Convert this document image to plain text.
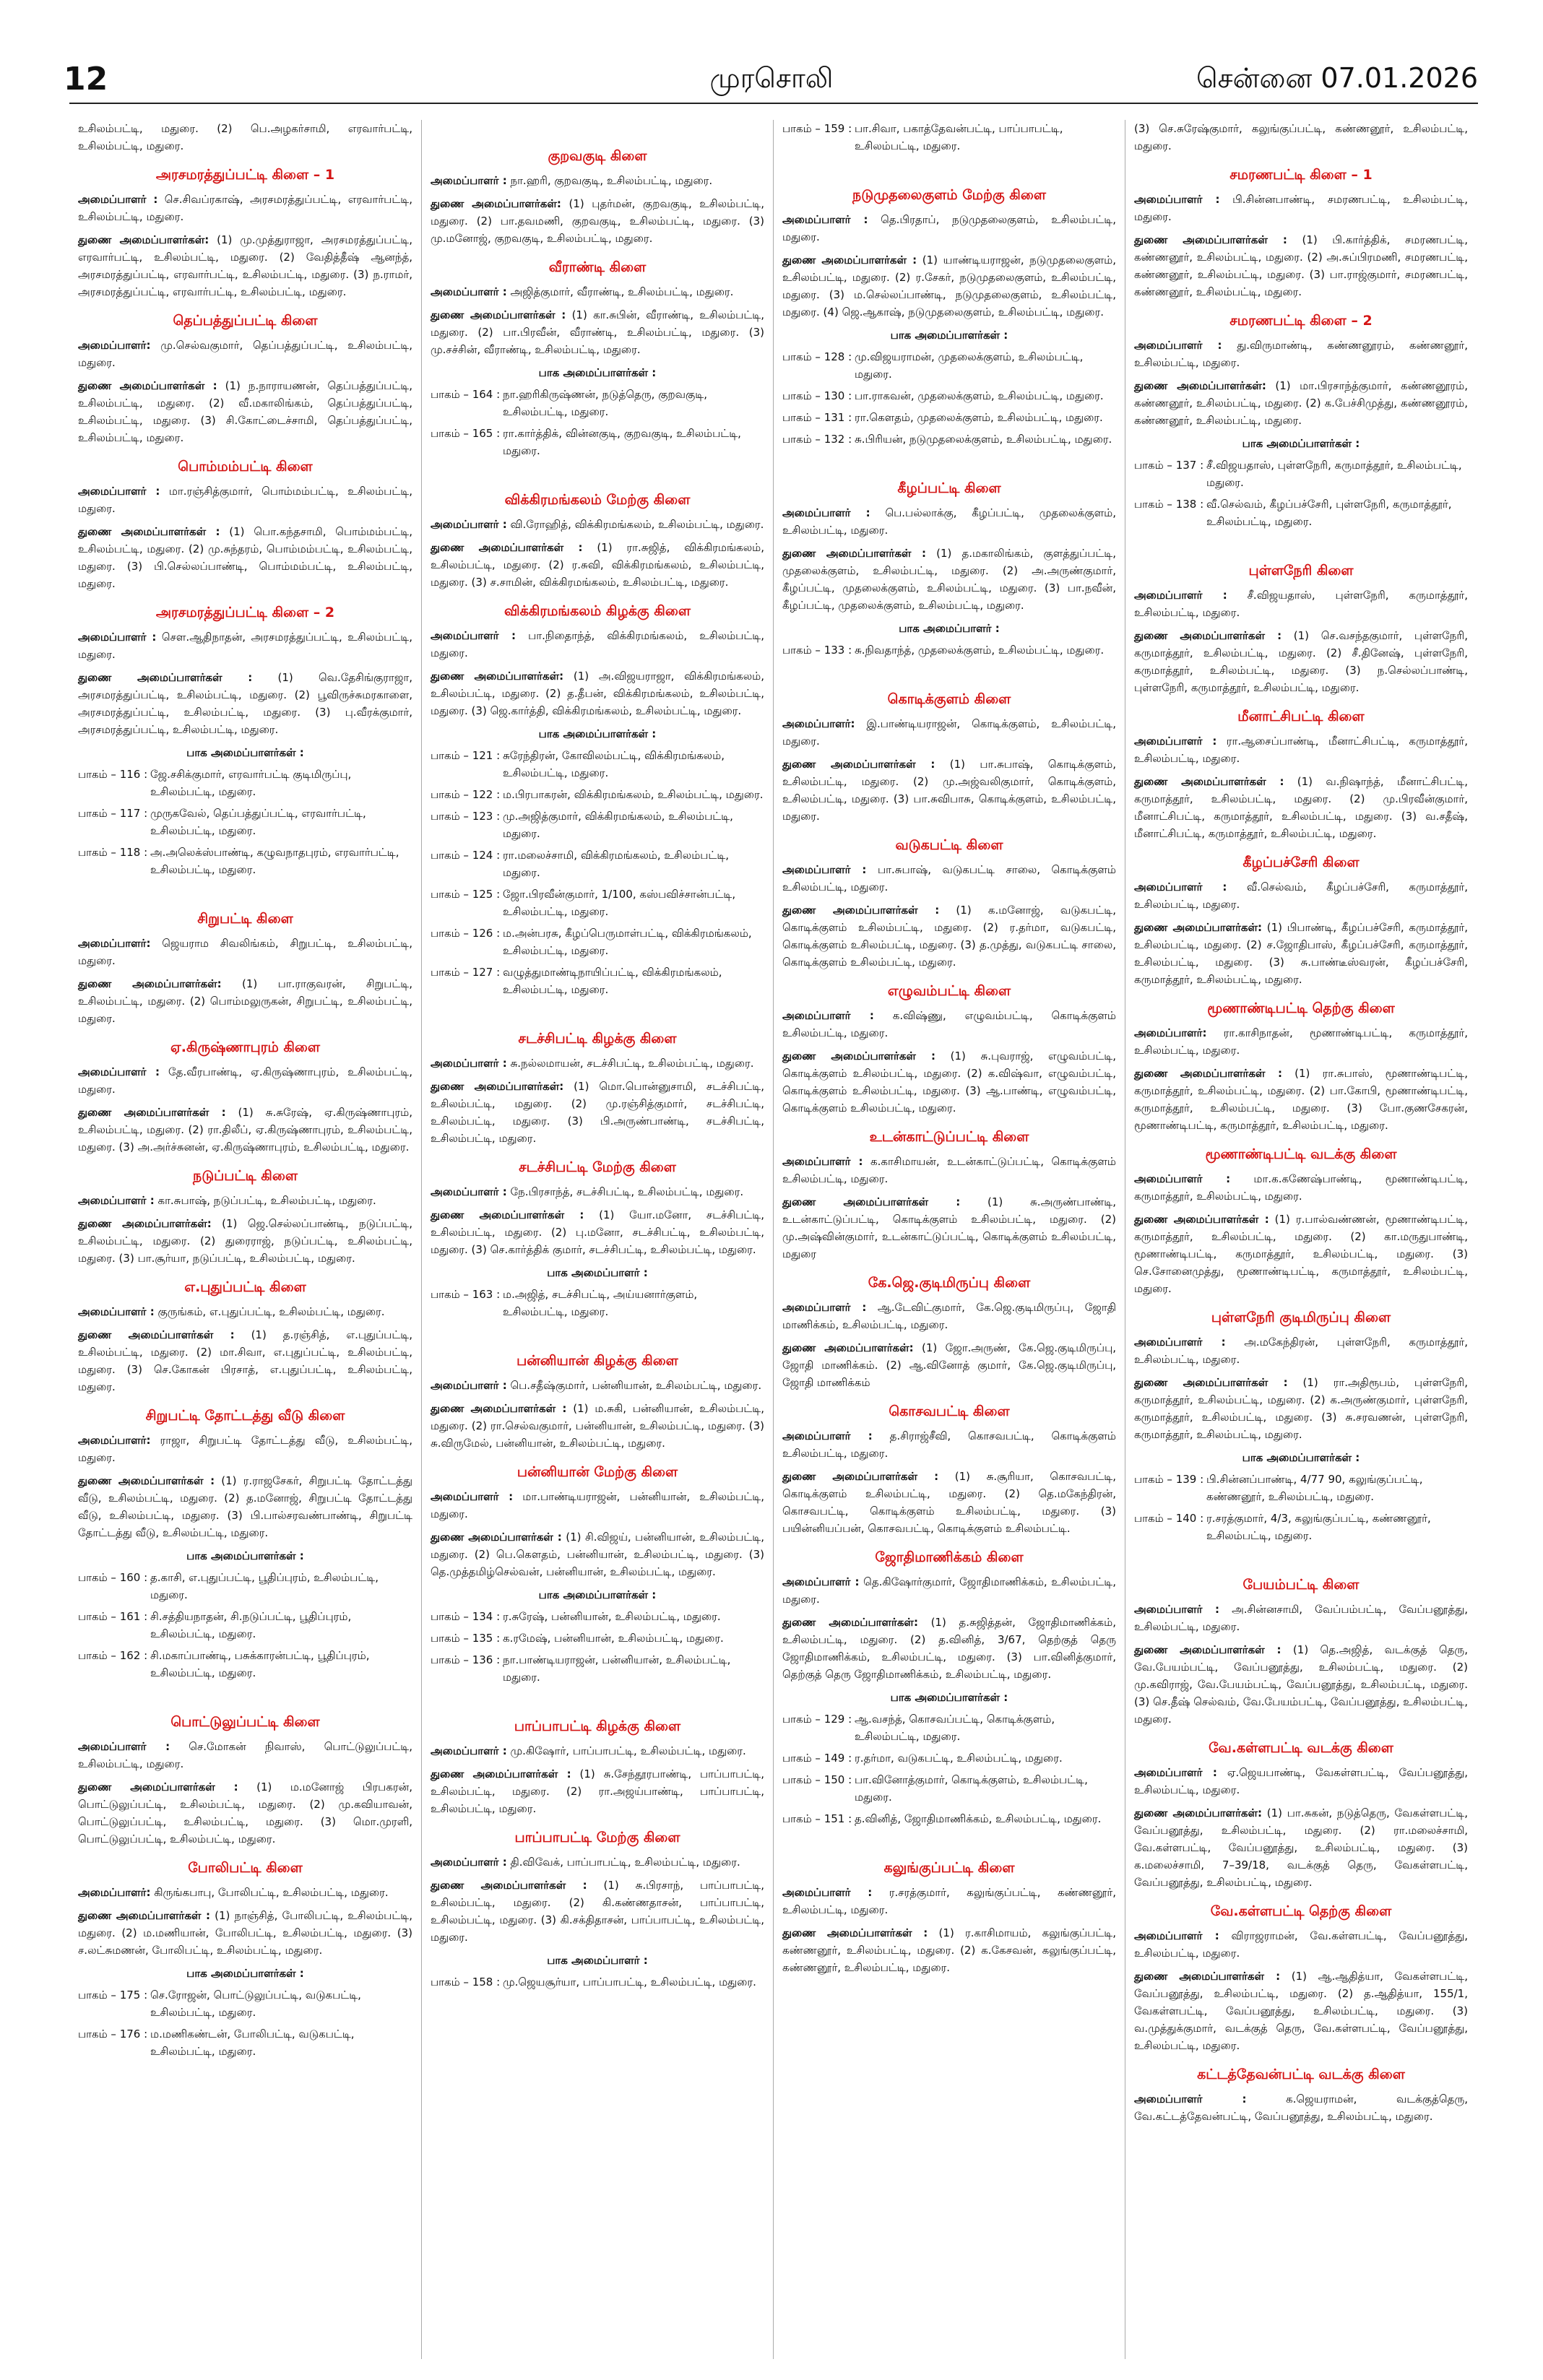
12	முரசொலி	சென்னை 07.01.2026

உசிலம்பட்டி, மதுரை. (2) பெ.அழகர்சாமி, எரவார்பட்டி, உசிலம்பட்டி, மதுரை.

அரசமரத்துப்பட்டி கிளை – 1

அமைப்பாளர் : செ.சிவப்ரகாஷ், அரசமரத்துப்பட்டி, எரவார்பட்டி, உசிலம்பட்டி, மதுரை.

துணை அமைப்பாளர்கள்: (1) மு.முத்துராஜா, அரசமரத்துப்பட்டி, எரவார்பட்டி, உசிலம்பட்டி, மதுரை. (2) வேதித்தீஷ் ஆனந்த், அரசமரத்துப்பட்டி, எரவார்பட்டி, உசிலம்பட்டி, மதுரை. (3) ந.ராமர், அரசமரத்துப்பட்டி, எரவார்பட்டி, உசிலம்பட்டி, மதுரை.

தெப்பத்துப்பட்டி கிளை

அமைப்பாளர்: மு.செல்வகுமார், தெப்பத்துப்பட்டி, உசிலம்பட்டி, மதுரை.

துணை அமைப்பாளர்கள் : (1) ந.நாராயணன், தெப்பத்துப்பட்டி, உசிலம்பட்டி, மதுரை. (2) வீ.மகாலிங்கம், தெப்பத்துப்பட்டி, உசிலம்பட்டி, மதுரை. (3) சி.கோட்டைச்சாமி, தெப்பத்துப்பட்டி, உசிலம்பட்டி, மதுரை.

பொம்மம்பட்டி கிளை

அமைப்பாளர் : மா.ரஞ்சித்குமார், பொம்மம்பட்டி, உசிலம்பட்டி, மதுரை.

துணை அமைப்பாளர்கள் : (1) பொ.கந்தசாமி, பொம்மம்பட்டி, உசிலம்பட்டி, மதுரை. (2) மு.சுந்தரம், பொம்மம்பட்டி, உசிலம்பட்டி, மதுரை. (3) பி.செல்லப்பாண்டி, பொம்மம்பட்டி, உசிலம்பட்டி, மதுரை.

அரசமரத்துப்பட்டி கிளை – 2

அமைப்பாளர் : செள.ஆதிநாதன், அரசமரத்துப்பட்டி, உசிலம்பட்டி, மதுரை.

துணை அமைப்பாளர்கள் : (1) வெ.தேசிங்குராஜா, அரசமரத்துப்பட்டி, உசிலம்பட்டி, மதுரை. (2) பூவிருச்சுமரகாளை, அரசமரத்துப்பட்டி, உசிலம்பட்டி, மதுரை. (3) பு.வீரக்குமார், அரசமரத்துப்பட்டி, உசிலம்பட்டி, மதுரை.

பாக அமைப்பாளர்கள் :
பாகம் – 116 : ஜே.சசிக்குமார், எரவார்பட்டி குடிமிருப்பு, உசிலம்பட்டி, மதுரை.
பாகம் – 117 : முருகவேல், தெப்பத்துப்பட்டி, எரவார்பட்டி, உசிலம்பட்டி, மதுரை.
பாகம் – 118 : அ.அலெக்ஸ்பாண்டி, கழுவநாதபுரம், எரவார்பட்டி, உசிலம்பட்டி, மதுரை.
சிறுபட்டி கிளை

அமைப்பாளர்: ஜெயராம சிவலிங்கம், சிறுபட்டி, உசிலம்பட்டி, மதுரை.

துணை அமைப்பாளர்கள்: (1) பா.ராகுவரன், சிறுபட்டி, உசிலம்பட்டி, மதுரை. (2) பொம்மலுருகன், சிறுபட்டி, உசிலம்பட்டி, மதுரை.

ஏ.கிருஷ்ணாபுரம் கிளை

அமைப்பாளர் : தே.வீரபாண்டி, ஏ.கிருஷ்ணாபுரம், உசிலம்பட்டி, மதுரை.

துணை அமைப்பாளர்கள் : (1) சு.சுரேஷ், ஏ.கிருஷ்ணாபுரம், உசிலம்பட்டி, மதுரை. (2) ரா.திலீப், ஏ.கிருஷ்ணாபுரம், உசிலம்பட்டி, மதுரை. (3) அ.அர்ச்சுனன், ஏ.கிருஷ்ணாபுரம், உசிலம்பட்டி, மதுரை.

நடுப்பட்டி கிளை

அமைப்பாளர் : கா.சுபாஷ், நடுப்பட்டி, உசிலம்பட்டி, மதுரை.

துணை அமைப்பாளர்கள்: (1) ஜெ.செல்லப்பாண்டி, நடுப்பட்டி, உசிலம்பட்டி, மதுரை. (2) துரைராஜ், நடுப்பட்டி, உசிலம்பட்டி, மதுரை. (3) பா.சூர்யா, நடுப்பட்டி, உசிலம்பட்டி, மதுரை.

எ.புதுப்பட்டி கிளை

அமைப்பாளர் : குருங்கம், எ.புதுப்பட்டி, உசிலம்பட்டி, மதுரை.

துணை அமைப்பாளர்கள் : (1) த.ரஞ்சித், எ.புதுப்பட்டி, உசிலம்பட்டி, மதுரை. (2) மா.சிவா, எ.புதுப்பட்டி, உசிலம்பட்டி, மதுரை. (3) செ.கோகன் பிரசாத், எ.புதுப்பட்டி, உசிலம்பட்டி, மதுரை.

சிறுபட்டி தோட்டத்து வீடு கிளை

அமைப்பாளர்: ராஜா, சிறுபட்டி தோட்டத்து வீடு, உசிலம்பட்டி, மதுரை.

துணை அமைப்பாளர்கள் : (1) ர.ராஜசேகர், சிறுபட்டி தோட்டத்து வீடு, உசிலம்பட்டி, மதுரை. (2) த.மனோஜ், சிறுபட்டி தோட்டத்து வீடு, உசிலம்பட்டி, மதுரை. (3) பி.பால்சரவண்பாண்டி, சிறுபட்டி தோட்டத்து வீடு, உசிலம்பட்டி, மதுரை.

பாக அமைப்பாளர்கள் :
பாகம் – 160 : த.காசி, எ.புதுப்பட்டி, பூதிப்புரம், உசிலம்பட்டி, மதுரை.
பாகம் – 161 : சி.சத்தியநாதன், சி.நடுப்பட்டி, பூதிப்புரம், உசிலம்பட்டி, மதுரை.
பாகம் – 162 : சி.மகாப்பாண்டி, பசுக்காரன்பட்டி, பூதிப்புரம், உசிலம்பட்டி, மதுரை.
பொட்டுலுப்பட்டி கிளை

அமைப்பாளர் : செ.மோகன் நிவாஸ், பொட்டுலுப்பட்டி, உசிலம்பட்டி, மதுரை.

துணை அமைப்பாளர்கள் : (1) ம.மனோஜ் பிரபகரன், பொட்டுலுப்பட்டி, உசிலம்பட்டி, மதுரை. (2) மு.கவியாவன், பொட்டுலுப்பட்டி, உசிலம்பட்டி, மதுரை. (3) மொ.முரளி, பொட்டுலுப்பட்டி, உசிலம்பட்டி, மதுரை.

போலிபட்டி கிளை

அமைப்பாளர்: கிருங்கபாபு, போலிபட்டி, உசிலம்பட்டி, மதுரை.

துணை அமைப்பாளர்கள் : (1) நாஞ்சித், போலிபட்டி, உசிலம்பட்டி, மதுரை. (2) ம.மணியான், போலிபட்டி, உசிலம்பட்டி, மதுரை. (3) ச.லட்சுமணன், போலிபட்டி, உசிலம்பட்டி, மதுரை.

பாக அமைப்பாளர்கள் :
பாகம் – 175 : செ.ரோஜன், பொட்டுலுப்பட்டி, வடுகபட்டி, உசிலம்பட்டி, மதுரை.
பாகம் – 176 : ம.மணிகண்டன், போலிபட்டி, வடுகபட்டி, உசிலம்பட்டி, மதுரை.
குறவகுடி கிளை

அமைப்பாளர் : நா.ஹரி, குறவகுடி, உசிலம்பட்டி, மதுரை.

துணை அமைப்பாளர்கள்: (1) புதர்மன், குறவகுடி, உசிலம்பட்டி, மதுரை. (2) பா.தவமணி, குறவகுடி, உசிலம்பட்டி, மதுரை. (3) மு.மனோஜ், குறவகுடி, உசிலம்பட்டி, மதுரை.

வீராண்டி கிளை

அமைப்பாளர் : அஜித்குமார், வீராண்டி, உசிலம்பட்டி, மதுரை.

துணை அமைப்பாளர்கள் : (1) கா.சுபின், வீராண்டி, உசிலம்பட்டி, மதுரை. (2) பா.பிரவீன், வீராண்டி, உசிலம்பட்டி, மதுரை. (3) மு.சச்சின், வீராண்டி, உசிலம்பட்டி, மதுரை.

பாக அமைப்பாளர்கள் :
பாகம் – 164 : நா.ஹரிகிருஷ்ணன், நடுத்தெரு, குறவகுடி, உசிலம்பட்டி, மதுரை.
பாகம் – 165 : ரா.கார்த்திக், வின்னகுடி, குறவகுடி, உசிலம்பட்டி, மதுரை.
விக்கிரமங்கலம் மேற்கு கிளை

அமைப்பாளர் : வி.ரோஹித், விக்கிரமங்கலம், உசிலம்பட்டி, மதுரை.

துணை அமைப்பாளர்கள் : (1) ரா.சுஜித், விக்கிரமங்கலம், உசிலம்பட்டி, மதுரை. (2) ர.சுவி, விக்கிரமங்கலம், உசிலம்பட்டி, மதுரை. (3) ச.சாமின், விக்கிரமங்கலம், உசிலம்பட்டி, மதுரை.

விக்கிரமங்கலம் கிழக்கு கிளை

அமைப்பாளர் : பா.நிதைாந்த், விக்கிரமங்கலம், உசிலம்பட்டி, மதுரை.

துணை அமைப்பாளர்கள்: (1) அ.விஜயராஜா, விக்கிரமங்கலம், உசிலம்பட்டி, மதுரை. (2) த.தீபன், விக்கிரமங்கலம், உசிலம்பட்டி, மதுரை. (3) ஜெ.கார்த்தி, விக்கிரமங்கலம், உசிலம்பட்டி, மதுரை.

பாக அமைப்பாளர்கள் :
பாகம் – 121 : சுரேந்திரன், கோவிலம்பட்டி, விக்கிரமங்கலம், உசிலம்பட்டி, மதுரை.
பாகம் – 122 : ம.பிரபாகரன், விக்கிரமங்கலம், உசிலம்பட்டி, மதுரை.
பாகம் – 123 : மு.அஜித்குமார், விக்கிரமங்கலம், உசிலம்பட்டி, மதுரை.
பாகம் – 124 : ரா.மலைச்சாமி, விக்கிரமங்கலம், உசிலம்பட்டி, மதுரை.
பாகம் – 125 : ஜோ.பிரவீன்குமார், 1/100, கஸ்பவிச்சான்பட்டி, உசிலம்பட்டி, மதுரை.
பாகம் – 126 : ம.அன்பரசு, கீழப்பெருமாள்பட்டி, விக்கிரமங்கலம், உசிலம்பட்டி, மதுரை.
பாகம் – 127 : வழுத்துமாண்டிநாயிப்பட்டி, விக்கிரமங்கலம், உசிலம்பட்டி, மதுரை.
சடச்சிபட்டி கிழக்கு கிளை

அமைப்பாளர் : சு.நல்லமாயன், சடச்சிபட்டி, உசிலம்பட்டி, மதுரை.

துணை அமைப்பாளர்கள்: (1) மொ.பொன்னுசாமி, சடச்சிபட்டி, உசிலம்பட்டி, மதுரை. (2) மு.ரஞ்சித்குமார், சடச்சிபட்டி, உசிலம்பட்டி, மதுரை. (3) பி.அருண்பாண்டி, சடச்சிபட்டி, உசிலம்பட்டி, மதுரை.

சடச்சிபட்டி மேற்கு கிளை

அமைப்பாளர் : நே.பிரசாந்த், சடச்சிபட்டி, உசிலம்பட்டி, மதுரை.

துணை அமைப்பாளர்கள் : (1) யோ.மனோ, சடச்சிபட்டி, உசிலம்பட்டி, மதுரை. (2) பு.மனோ, சடச்சிபட்டி, உசிலம்பட்டி, மதுரை. (3) செ.கார்த்திக் குமார், சடச்சிபட்டி, உசிலம்பட்டி, மதுரை.

பாக அமைப்பாளர் :
பாகம் – 163 : ம.அஜித், சடச்சிபட்டி, அய்யனார்குளம், உசிலம்பட்டி, மதுரை.
பன்னியான் கிழக்கு கிளை

அமைப்பாளர் : பெ.சதீஷ்குமார், பன்னியான், உசிலம்பட்டி, மதுரை.

துணை அமைப்பாளர்கள் : (1) ம.சுகி, பன்னியான், உசிலம்பட்டி, மதுரை. (2) ரா.செல்வகுமார், பன்னியான், உசிலம்பட்டி, மதுரை. (3) சு.விருமேல், பன்னியான், உசிலம்பட்டி, மதுரை.

பன்னியான் மேற்கு கிளை

அமைப்பாளர் : மா.பாண்டியராஜன், பன்னியான், உசிலம்பட்டி, மதுரை.

துணை அமைப்பாளர்கள் : (1) சி.விஜய், பன்னியான், உசிலம்பட்டி, மதுரை. (2) பெ.கௌதம், பன்னியான், உசிலம்பட்டி, மதுரை. (3) தெ.முத்தமிழ்செல்வன், பன்னியான், உசிலம்பட்டி, மதுரை.

பாக அமைப்பாளர்கள் :
பாகம் – 134 : ர.சுரேஷ், பன்னியான், உசிலம்பட்டி, மதுரை.
பாகம் – 135 : க.ரமேஷ், பன்னியான், உசிலம்பட்டி, மதுரை.
பாகம் – 136 : நா.பாண்டியராஜன், பன்னியான், உசிலம்பட்டி, மதுரை.
பாப்பாபட்டி கிழக்கு கிளை

அமைப்பாளர் : மு.கிஷோர், பாப்பாபட்டி, உசிலம்பட்டி, மதுரை.

துணை அமைப்பாளர்கள் : (1) சு.சேந்தூரபாண்டி, பாப்பாபட்டி, உசிலம்பட்டி, மதுரை. (2) ரா.அஜய்பாண்டி, பாப்பாபட்டி, உசிலம்பட்டி, மதுரை.

பாப்பாபட்டி மேற்கு கிளை

அமைப்பாளர் : தி.விவேக், பாப்பாபட்டி, உசிலம்பட்டி, மதுரை.

துணை அமைப்பாளர்கள் : (1) சு.பிரசாந், பாப்பாபட்டி, உசிலம்பட்டி, மதுரை. (2) கி.கண்ணதாசன், பாப்பாபட்டி, உசிலம்பட்டி, மதுரை. (3) கி.சக்திதாசன், பாப்பாபட்டி, உசிலம்பட்டி, மதுரை.

பாக அமைப்பாளர் :
பாகம் – 158 : மு.ஜெயசூர்யா, பாப்பாபட்டி, உசிலம்பட்டி, மதுரை.
பாகம் – 159 : பா.சிவா, பகாத்தேவன்பட்டி, பாப்பாபட்டி, உசிலம்பட்டி, மதுரை.
நடுமுதலைகுளம் மேற்கு கிளை

அமைப்பாளர் : தெ.பிரதாப், நடுமுதலைகுளம், உசிலம்பட்டி, மதுரை.

துணை அமைப்பாளர்கள் : (1) யாண்டியராஜன், நடுமுதலைகுளம், உசிலம்பட்டி, மதுரை. (2) ர.சேகர், நடுமுதலைகுளம், உசிலம்பட்டி, மதுரை. (3) ம.செல்லப்பாண்டி, நடுமுதலைகுளம், உசிலம்பட்டி, மதுரை. (4) ஜெ.ஆகாஷ், நடுமுதலைகுளம், உசிலம்பட்டி, மதுரை.

பாக அமைப்பாளர்கள் :
பாகம் – 128 : மு.விஜயராமன், முதலைக்குளம், உசிலம்பட்டி, மதுரை.
பாகம் – 130 : பா.ராகவன், முதலைக்குளம், உசிலம்பட்டி, மதுரை.
பாகம் – 131 : ரா.கௌதம், முதலைக்குளம், உசிலம்பட்டி, மதுரை.
பாகம் – 132 : சு.பிரியன், நடுமுதலைக்குளம், உசிலம்பட்டி, மதுரை.
கீழப்பட்டி கிளை

அமைப்பாளர் : பெ.பல்லாக்கு, கீழப்பட்டி, முதலைக்குளம், உசிலம்பட்டி, மதுரை.

துணை அமைப்பாளர்கள் : (1) த.மகாலிங்கம், குளத்துப்பட்டி, முதலைக்குளம், உசிலம்பட்டி, மதுரை. (2) அ.அருண்குமார், கீழப்பட்டி, முதலைக்குளம், உசிலம்பட்டி, மதுரை. (3) பா.நவீன், கீழப்பட்டி, முதலைக்குளம், உசிலம்பட்டி, மதுரை.

பாக அமைப்பாளர் :
பாகம் – 133 : சு.நிவதாந்த், முதலைக்குளம், உசிலம்பட்டி, மதுரை.
கொடிக்குளம் கிளை

அமைப்பாளர்: இ.பாண்டியராஜன், கொடிக்குளம், உசிலம்பட்டி, மதுரை.

துணை அமைப்பாளர்கள் : (1) பா.சுபாஷ், கொடிக்குளம், உசிலம்பட்டி, மதுரை. (2) மு.அஜ்வலிகுமார், கொடிக்குளம், உசிலம்பட்டி, மதுரை. (3) பா.சுவிபாசு, கொடிக்குளம், உசிலம்பட்டி, மதுரை.

வடுகபட்டி கிளை

அமைப்பாளர் : பா.சுபாஷ், வடுகபட்டி சாலை, கொடிக்குளம் உசிலம்பட்டி, மதுரை.

துணை அமைப்பாளர்கள் : (1) க.மனோஜ், வடுகபட்டி, கொடிக்குளம் உசிலம்பட்டி, மதுரை. (2) ர.தர்மா, வடுகபட்டி, கொடிக்குளம் உசிலம்பட்டி, மதுரை. (3) த.முத்து, வடுகபட்டி சாலை, கொடிக்குளம் உசிலம்பட்டி, மதுரை.

எழுவம்பட்டி கிளை

அமைப்பாளர் : க.விஷ்ணு, எழுவம்பட்டி, கொடிக்குளம் உசிலம்பட்டி, மதுரை.

துணை அமைப்பாளர்கள் : (1) சு.புவராஜ், எழுவம்பட்டி, கொடிக்குளம் உசிலம்பட்டி, மதுரை. (2) க.விஷ்வா, எழுவம்பட்டி, கொடிக்குளம் உசிலம்பட்டி, மதுரை. (3) ஆ.பாண்டி, எழுவம்பட்டி, கொடிக்குளம் உசிலம்பட்டி, மதுரை.

உடன்காட்டுப்பட்டி கிளை

அமைப்பாளர் : க.காசிமாயன், உடன்காட்டுப்பட்டி, கொடிக்குளம் உசிலம்பட்டி, மதுரை.

துணை அமைப்பாளர்கள் : (1) சு.அருண்பாண்டி, உடன்காட்டுப்பட்டி, கொடிக்குளம் உசிலம்பட்டி, மதுரை. (2) மு.அஷ்வின்குமார், உடன்காட்டுப்பட்டி, கொடிக்குளம் உசிலம்பட்டி, மதுரை

கே.ஜெ.குடிமிருப்பு கிளை

அமைப்பாளர் : ஆ.டேவிட்குமார், கே.ஜெ.குடிமிருப்பு, ஜோதி மாணிக்கம், உசிலம்பட்டி, மதுரை.

துணை அமைப்பாளர்கள்: (1) ஜோ.அருண், கே.ஜெ.குடிமிருப்பு, ஜோதி மாணிக்கம். (2) ஆ.வினோத் குமார், கே.ஜெ.குடிமிருப்பு, ஜோதி மாணிக்கம்

கொசவபட்டி கிளை

அமைப்பாளர் : த.சிராஜ்சீவி, கொசவபட்டி, கொடிக்குளம் உசிலம்பட்டி, மதுரை.

துணை அமைப்பாளர்கள் : (1) சு.சூரியா, கொசவபட்டி, கொடிக்குளம் உசிலம்பட்டி, மதுரை. (2) தெ.மகேந்திரன், கொசவபட்டி, கொடிக்குளம் உசிலம்பட்டி, மதுரை. (3) பயின்னியப்பன், கொசவபட்டி, கொடிக்குளம் உசிலம்பட்டி.

ஜோதிமாணிக்கம் கிளை

அமைப்பாளர் : தெ.கிஷோர்குமார், ஜோதிமாணிக்கம், உசிலம்பட்டி, மதுரை.

துணை அமைப்பாளர்கள்: (1) த.சுஜித்தன், ஜோதிமாணிக்கம், உசிலம்பட்டி, மதுரை. (2) த.வினித், 3/67, தெற்குத் தெரு ஜோதிமாணிக்கம், உசிலம்பட்டி, மதுரை. (3) பா.வினித்குமார், தெற்குத் தெரு ஜோதிமாணிக்கம், உசிலம்பட்டி, மதுரை.

பாக அமைப்பாளர்கள் :
பாகம் – 129 : ஆ.வசந்த், கொசவப்பட்டி, கொடிக்குளம், உசிலம்பட்டி, மதுரை.
பாகம் – 149 : ர.தர்மா, வடுகபட்டி, உசிலம்பட்டி, மதுரை.
பாகம் – 150 : பா.வினோத்குமார், கொடிக்குளம், உசிலம்பட்டி, மதுரை.
பாகம் – 151 : த.வினித், ஜோதிமாணிக்கம், உசிலம்பட்டி, மதுரை.
கலுங்குப்பட்டி கிளை

அமைப்பாளர் : ர.சரத்குமார், கலுங்குப்பட்டி, கண்ணனூர், உசிலம்பட்டி, மதுரை.

துணை அமைப்பாளர்கள் : (1) ர.காசிமாயம், கலுங்குப்பட்டி, கண்ணனூர், உசிலம்பட்டி, மதுரை. (2) க.கேசவன், கலுங்குப்பட்டி, கண்ணனூர், உசிலம்பட்டி, மதுரை.

(3) செ.சுரேஷ்குமார், கலுங்குப்பட்டி, கண்ணனூர், உசிலம்பட்டி, மதுரை.

சமரணபட்டி கிளை – 1

அமைப்பாளர் : பி.சின்னபாண்டி, சமரணபட்டி, உசிலம்பட்டி, மதுரை.

துணை அமைப்பாளர்கள் : (1) பி.கார்த்திக், சமரணபட்டி, கண்ணனூர், உசிலம்பட்டி, மதுரை. (2) அ.சுப்பிரமணி, சமரணபட்டி, கண்ணனூர், உசிலம்பட்டி, மதுரை. (3) பா.ராஜ்குமார், சமரணபட்டி, கண்ணனூர், உசிலம்பட்டி, மதுரை.

சமரணபட்டி கிளை – 2

அமைப்பாளர் : து.விருமாண்டி, கண்ணனூரம், கண்ணனூர், உசிலம்பட்டி, மதுரை.

துணை அமைப்பாளர்கள்: (1) மா.பிரசாந்த்குமார், கண்ணனூரம், கண்ணனூர், உசிலம்பட்டி, மதுரை. (2) க.பேச்சிமுத்து, கண்ணனூரம், கண்ணனூர், உசிலம்பட்டி, மதுரை.

பாக அமைப்பாளர்கள் :
பாகம் – 137 : சீ.விஜயதாஸ், புள்ளநேரி, கருமாத்தூர், உசிலம்பட்டி, மதுரை.
பாகம் – 138 : வீ.செல்வம், கீழப்பச்சேரி, புள்ளநேரி, கருமாத்தூர், உசிலம்பட்டி, மதுரை.
புள்ளநேரி கிளை

அமைப்பாளர் : சீ.விஜயதாஸ், புள்ளநேரி, கருமாத்தூர், உசிலம்பட்டி, மதுரை.

துணை அமைப்பாளர்கள் : (1) செ.வசந்தகுமார், புள்ளநேரி, கருமாத்தூர், உசிலம்பட்டி, மதுரை. (2) சீ.தினேஷ், புள்ளநேரி, கருமாத்தூர், உசிலம்பட்டி, மதுரை. (3) ந.செல்லப்பாண்டி, புள்ளநேரி, கருமாத்தூர், உசிலம்பட்டி, மதுரை.

மீனாட்சிபட்டி கிளை

அமைப்பாளர் : ரா.ஆசைப்பாண்டி, மீனாட்சிபட்டி, கருமாத்தூர், உசிலம்பட்டி, மதுரை.

துணை அமைப்பாளர்கள் : (1) வ.நிஷாந்த், மீனாட்சிபட்டி, கருமாத்தூர், உசிலம்பட்டி, மதுரை. (2) மு.பிரவீன்குமார், மீனாட்சிபட்டி, கருமாத்தூர், உசிலம்பட்டி, மதுரை. (3) வ.சதீஷ், மீனாட்சிபட்டி, கருமாத்தூர், உசிலம்பட்டி, மதுரை.

கீழப்பச்சேரி கிளை

அமைப்பாளர் : வீ.செல்வம், கீழப்பச்சேரி, கருமாத்தூர், உசிலம்பட்டி, மதுரை.

துணை அமைப்பாளர்கள்: (1) பிபாண்டி, கீழப்பச்சேரி, கருமாத்தூர், உசிலம்பட்டி, மதுரை. (2) ச.ஜோதிபாஸ், கீழப்பச்சேரி, கருமாத்தூர், உசிலம்பட்டி, மதுரை. (3) சு.பாண்டீஸ்வரன், கீழப்பச்சேரி, கருமாத்தூர், உசிலம்பட்டி, மதுரை.

மூணாண்டிபட்டி தெற்கு கிளை

அமைப்பாளர்: ரா.காசிநாதன், மூணாண்டிபட்டி, கருமாத்தூர், உசிலம்பட்டி, மதுரை.

துணை அமைப்பாளர்கள் : (1) ரா.சுபாஸ், மூணாண்டிபட்டி, கருமாத்தூர், உசிலம்பட்டி, மதுரை. (2) பா.கோபி, மூணாண்டிபட்டி, கருமாத்தூர், உசிலம்பட்டி, மதுரை. (3) போ.குணசேகரன், மூணாண்டிபட்டி, கருமாத்தூர், உசிலம்பட்டி, மதுரை.

மூணாண்டிபட்டி வடக்கு கிளை

அமைப்பாளர் : மா.க.கணேஷ்பாண்டி, மூணாண்டிபட்டி, கருமாத்தூர், உசிலம்பட்டி, மதுரை.

துணை அமைப்பாளர்கள் : (1) ர.பால்வண்ணன், மூணாண்டிபட்டி, கருமாத்தூர், உசிலம்பட்டி, மதுரை. (2) கா.மருதுபாண்டி, மூணாண்டிபட்டி, கருமாத்தூர், உசிலம்பட்டி, மதுரை. (3) செ.சோனைமுத்து, மூணாண்டிபட்டி, கருமாத்தூர், உசிலம்பட்டி, மதுரை.

புள்ளநேரி குடிமிருப்பு கிளை

அமைப்பாளர் : அ.மகேந்திரன், புள்ளநேரி, கருமாத்தூர், உசிலம்பட்டி, மதுரை.

துணை அமைப்பாளர்கள் : (1) ரா.அதிரூபம், புள்ளநேரி, கருமாத்தூர், உசிலம்பட்டி, மதுரை. (2) க.அருண்குமார், புள்ளநேரி, கருமாத்தூர், உசிலம்பட்டி, மதுரை. (3) சு.சரவணன், புள்ளநேரி, கருமாத்தூர், உசிலம்பட்டி, மதுரை.

பாக அமைப்பாளர்கள் :
பாகம் – 139 : பி.சின்னப்பாண்டி, 4/77 90, கலுங்குப்பட்டி, கண்ணனூர், உசிலம்பட்டி, மதுரை.
பாகம் – 140 : ர.சரத்குமார், 4/3, கலுங்குப்பட்டி, கண்ணனூர், உசிலம்பட்டி, மதுரை.
பேயம்பட்டி கிளை

அமைப்பாளர் : அ.சின்னசாமி, வேப்பம்பட்டி, வேப்பனூத்து, உசிலம்பட்டி, மதுரை.

துணை அமைப்பாளர்கள் : (1) தெ.அஜித், வடக்குத் தெரு, வே.பேயம்பட்டி, வேப்பனூத்து, உசிலம்பட்டி, மதுரை. (2) மு.கவிராஜ், வே.பேயம்பட்டி, வேப்பனூத்து, உசிலம்பட்டி, மதுரை. (3) செ.தீஷ் செல்வம், வே.பேயம்பட்டி, வேப்பனூத்து, உசிலம்பட்டி, மதுரை.

வே.கள்ளபட்டி வடக்கு கிளை

அமைப்பாளர் : ஏ.ஜெயபாண்டி, வேகள்ளபட்டி, வேப்பனூத்து, உசிலம்பட்டி, மதுரை.

துணை அமைப்பாளர்கள்: (1) பா.சுகன், நடுத்தெரு, வேகள்ளபட்டி, வேப்பனூத்து, உசிலம்பட்டி, மதுரை. (2) ரா.மலைச்சாமி, வே.கள்ளபட்டி, வேப்பனூத்து, உசிலம்பட்டி, மதுரை. (3) க.மலைச்சாமி, 7–39/18, வடக்குத் தெரு, வேகள்ளபட்டி, வேப்பனூத்து, உசிலம்பட்டி, மதுரை.

வே.கள்ளபட்டி தெற்கு கிளை

அமைப்பாளர் : விராஜராமன், வே.கள்ளபட்டி, வேப்பனூத்து, உசிலம்பட்டி, மதுரை.

துணை அமைப்பாளர்கள் : (1) ஆ.ஆதித்யா, வேகள்ளபட்டி, வேப்பனூத்து, உசிலம்பட்டி, மதுரை. (2) த.ஆதித்யா, 155/1, வேகள்ளபட்டி, வேப்பனூத்து, உசிலம்பட்டி, மதுரை. (3) வ.முத்துக்குமார், வடக்குத் தெரு, வே.கள்ளபட்டி, வேப்பனூத்து, உசிலம்பட்டி, மதுரை.

கட்டத்தேவன்பட்டி வடக்கு கிளை

அமைப்பாளர் : க.ஜெயராமன், வடக்குத்தெரு, வே.கட்டத்தேவன்பட்டி, வேப்பனூத்து, உசிலம்பட்டி, மதுரை.
